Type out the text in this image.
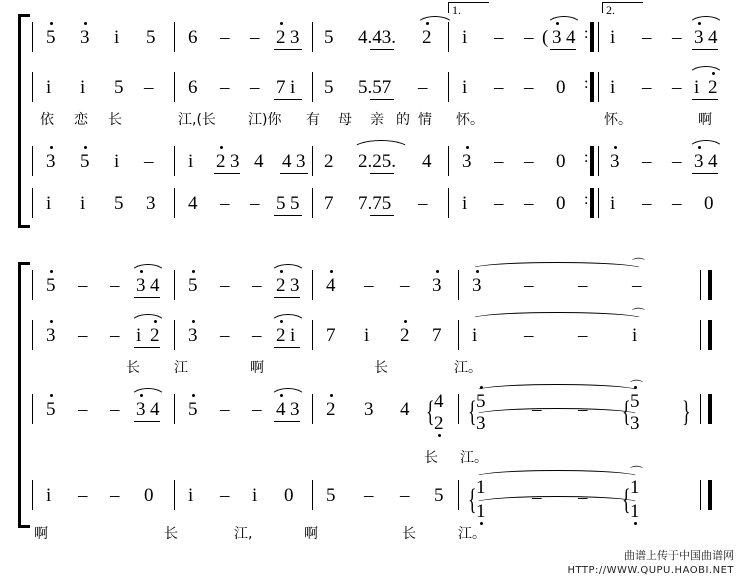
5 3 i 5 6 – – 2 3 5 4.43. 2
1.
i – – ( 3 4 :
2.
i – – 3 4
i i 5 – 6 – – 7 i 5 5.57 – i – – 0 : i – – i 2
依 恋 长	江,(长 江)你 有 母 亲 的 情 怀。	怀。	啊
3 5 i – i 2 3 4 4 3 2 2.25. 4 3 – – 0 : 3 – – 3 4
i i 5 3 4 – – 5 5 7 7.75 – i – – 0 : i – – 0
5 – – 3 4 5 – – 2 3 4 – – 3 3 – – –
⌒
3 – – i 2 3 – – 2 i 7 i 2 7 i – – i
⌒
长 江	啊	长	江。
5 – – 3 4 5 – – 4 3 2 3 4 { 4
2 { 5
3
– – { 5
3
⌒
}
长 江。
i – – 0 i – i 0 5 – – 5 { 1
1
– – { 1
1
⌒
啊	长	江,	啊	长	江。
曲谱上传于中国曲谱网
HTTP://WWW.QUPU.HAOBI.NET
